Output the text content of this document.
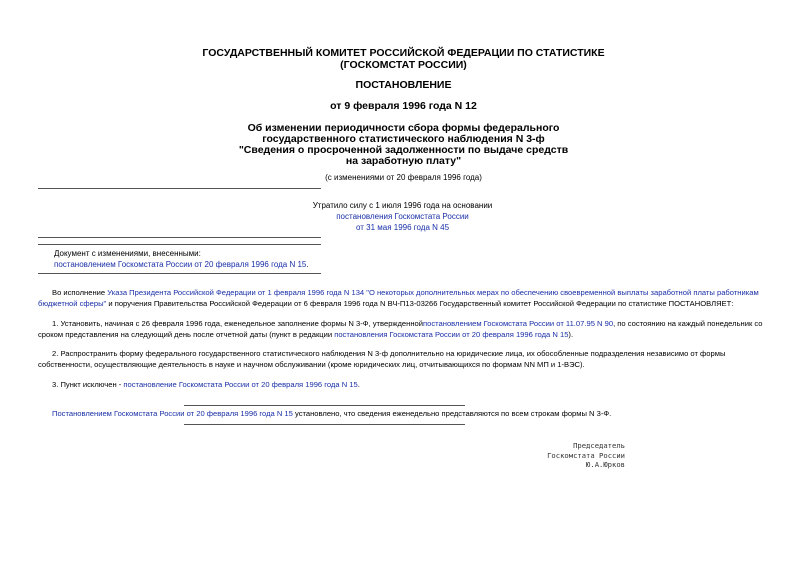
ГОСУДАРСТВЕННЫЙ КОМИТЕТ РОССИЙСКОЙ ФЕДЕРАЦИИ ПО СТАТИСТИКЕ
(ГОСКОМСТАТ РОССИИ)
ПОСТАНОВЛЕНИЕ
от 9 февраля 1996 года N 12
Об изменении периодичности сбора формы федерального
государственного статистического наблюдения N 3-ф
"Сведения о просроченной задолженности по выдаче средств
на заработную плату"
(с изменениями от 20 февраля 1996 года)
Утратило силу с 1 июля 1996 года на основании
постановления Госкомстата России
от 31 мая 1996 года N 45
Документ с изменениями, внесенными:
постановлением Госкомстата России от 20 февраля 1996 года N 15.
Во исполнение Указа Президента Российской Федерации от 1 февраля 1996 года N 134 "О некоторых дополнительных мерах по обеспечению своевременной выплаты заработной платы работникам бюджетной сферы" и поручения Правительства Российской Федерации от 6 февраля 1996 года N ВЧ-П13-03266 Государственный комитет Российской Федерации по статистике ПОСТАНОВЛЯЕТ:
1. Установить, начиная с 26 февраля 1996 года, еженедельное заполнение формы N 3-Ф, утвержденнойпостановлением Госкомстата России от 11.07.95 N 90, по состоянию на каждый понедельник со сроком представления на следующий день после отчетной даты (пункт в редакции постановления Госкомстата России от 20 февраля 1996 года N 15).
2. Распространить форму федерального государственного статистического наблюдения N 3-ф дополнительно на юридические лица, их обособленные подразделения независимо от формы собственности, осуществляющие деятельность в науке и научном обслуживании (кроме юридических лиц, отчитывающихся по формам NN МП и 1-ВЭС).
3. Пункт исключен - постановление Госкомстата России от 20 февраля 1996 года N 15.
Постановлением Госкомстата России от 20 февраля 1996 года N 15 установлено, что сведения еженедельно представляются по всем строкам формы N 3-Ф.
Председатель
Госкомстата России
Ю.А.Юрков
